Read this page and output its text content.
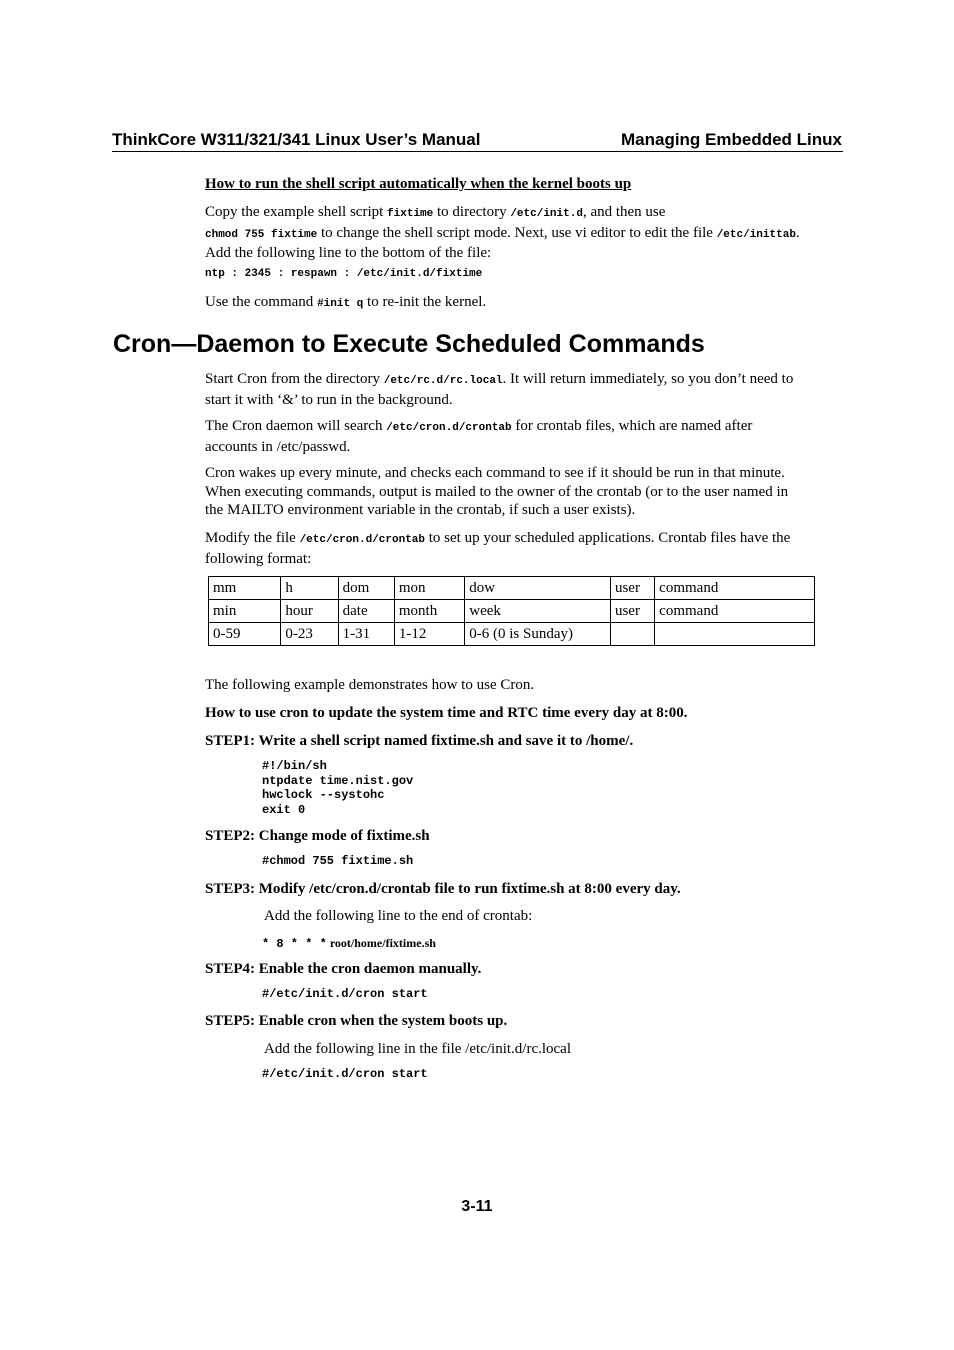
ThinkCore W311/321/341 Linux User’s Manual	Managing Embedded Linux
How to run the shell script automatically when the kernel boots up
Copy the example shell script fixtime to directory /etc/init.d, and then use
chmod 755 fixtime to change the shell script mode. Next, use vi editor to edit the file /etc/inittab.
Add the following line to the bottom of the file:
ntp : 2345 : respawn : /etc/init.d/fixtime
Use the command #init q to re-init the kernel.
Cron—Daemon to Execute Scheduled Commands
Start Cron from the directory /etc/rc.d/rc.local. It will return immediately, so you don’t need to
start it with ‘&’ to run in the background.
The Cron daemon will search /etc/cron.d/crontab for crontab files, which are named after
accounts in /etc/passwd.
Cron wakes up every minute, and checks each command to see if it should be run in that minute.
When executing commands, output is mailed to the owner of the crontab (or to the user named in
the MAILTO environment variable in the crontab, if such a user exists).
Modify the file /etc/cron.d/crontab to set up your scheduled applications. Crontab files have the
following format:
mm	h	dom	mon	dow	user	command
min	hour	date	month	week	user	command
0-59	0-23	1-31	1-12	0-6 (0 is Sunday)		
The following example demonstrates how to use Cron.
How to use cron to update the system time and RTC time every day at 8:00.
STEP1: Write a shell script named fixtime.sh and save it to /home/.
#!/bin/sh
ntpdate time.nist.gov
hwclock --systohc
exit 0
STEP2: Change mode of fixtime.sh
#chmod 755 fixtime.sh
STEP3: Modify /etc/cron.d/crontab file to run fixtime.sh at 8:00 every day.
Add the following line to the end of crontab:
* 8 * * * root/home/fixtime.sh
STEP4: Enable the cron daemon manually.
#/etc/init.d/cron start
STEP5: Enable cron when the system boots up.
Add the following line in the file /etc/init.d/rc.local
#/etc/init.d/cron start
3-11
